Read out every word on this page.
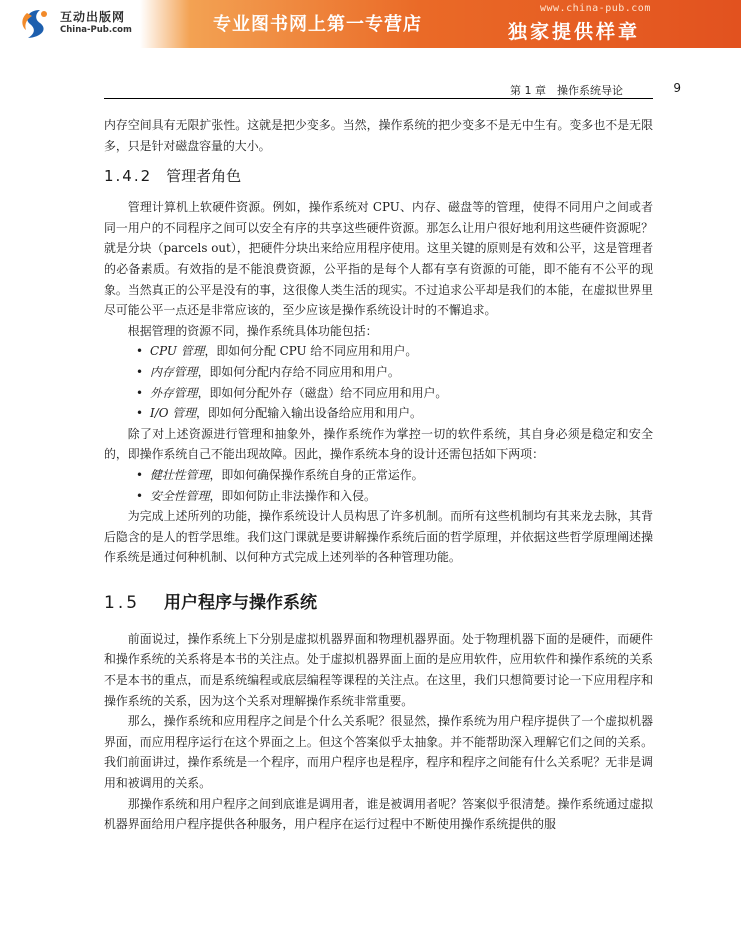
互动出版网
China-Pub.com	专业图书网上第一专营店
www.china-pub.com
独家提供样章
第 1 章　操作系统导论	9

内存空间具有无限扩张性。这就是把少变多。当然，操作系统的把少变多不是无中生有。变多也不是无限多，只是针对磁盘容量的大小。

1.4.2 管理者角色

管理计算机上软硬件资源。例如，操作系统对 CPU、内存、磁盘等的管理，使得不同用户之间或者同一用户的不同程序之间可以安全有序的共享这些硬件资源。那怎么让用户很好地利用这些硬件资源呢？就是分块（parcels out），把硬件分块出来给应用程序使用。这里关键的原则是有效和公平，这是管理者的必备素质。有效指的是不能浪费资源，公平指的是每个人都有享有资源的可能，即不能有不公平的现象。当然真正的公平是没有的事，这很像人类生活的现实。不过追求公平却是我们的本能，在虚拟世界里尽可能公平一点还是非常应该的，至少应该是操作系统设计时的不懈追求。

根据管理的资源不同，操作系统具体功能包括：

• CPU 管理，即如何分配 CPU 给不同应用和用户。
• 内存管理，即如何分配内存给不同应用和用户。
• 外存管理，即如何分配外存（磁盘）给不同应用和用户。
• I/O 管理，即如何分配输入输出设备给应用和用户。

除了对上述资源进行管理和抽象外，操作系统作为掌控一切的软件系统，其自身必须是稳定和安全的，即操作系统自己不能出现故障。因此，操作系统本身的设计还需包括如下两项：

• 健壮性管理，即如何确保操作系统自身的正常运作。
• 安全性管理，即如何防止非法操作和入侵。

为完成上述所列的功能，操作系统设计人员构思了许多机制。而所有这些机制均有其来龙去脉，其背后隐含的是人的哲学思维。我们这门课就是要讲解操作系统后面的哲学原理，并依据这些哲学原理阐述操作系统是通过何种机制、以何种方式完成上述列举的各种管理功能。

1.5 用户程序与操作系统

前面说过，操作系统上下分别是虚拟机器界面和物理机器界面。处于物理机器下面的是硬件，而硬件和操作系统的关系将是本书的关注点。处于虚拟机器界面上面的是应用软件，应用软件和操作系统的关系不是本书的重点，而是系统编程或底层编程等课程的关注点。在这里，我们只想简要讨论一下应用程序和操作系统的关系，因为这个关系对理解操作系统非常重要。

那么，操作系统和应用程序之间是个什么关系呢？很显然，操作系统为用户程序提供了一个虚拟机器界面，而应用程序运行在这个界面之上。但这个答案似乎太抽象。并不能帮助深入理解它们之间的关系。我们前面讲过，操作系统是一个程序，而用户程序也是程序，程序和程序之间能有什么关系呢？无非是调用和被调用的关系。

那操作系统和用户程序之间到底谁是调用者，谁是被调用者呢？答案似乎很清楚。操作系统通过虚拟机器界面给用户程序提供各种服务，用户程序在运行过程中不断使用操作系统提供的服
